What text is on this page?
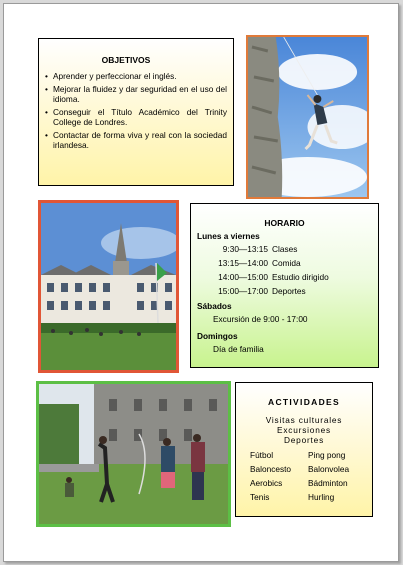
OBJETIVOS
• Aprender y perfeccionar el inglés.
• Mejorar la fluidez y dar seguridad en el uso del idioma.
• Conseguir el Título Académico del Trinity College de Londres.
• Contactar de forma viva y real con la sociedad irlandesa.
HORARIO
Lunes a viernes
9:30—13:15 Clases
13:15—14:00 Comida
14:00—15:00 Estudio dirigido
15:00—17:00 Deportes
Sábados
Excursión de 9:00 - 17:00
Domingos
Día de familia
ACTIVIDADES
Visitas culturales
Excursiones
Deportes
Fútbol	Ping pong
Baloncesto	Balonvolea
Aerobics	Bádminton
Tenis	Hurling
